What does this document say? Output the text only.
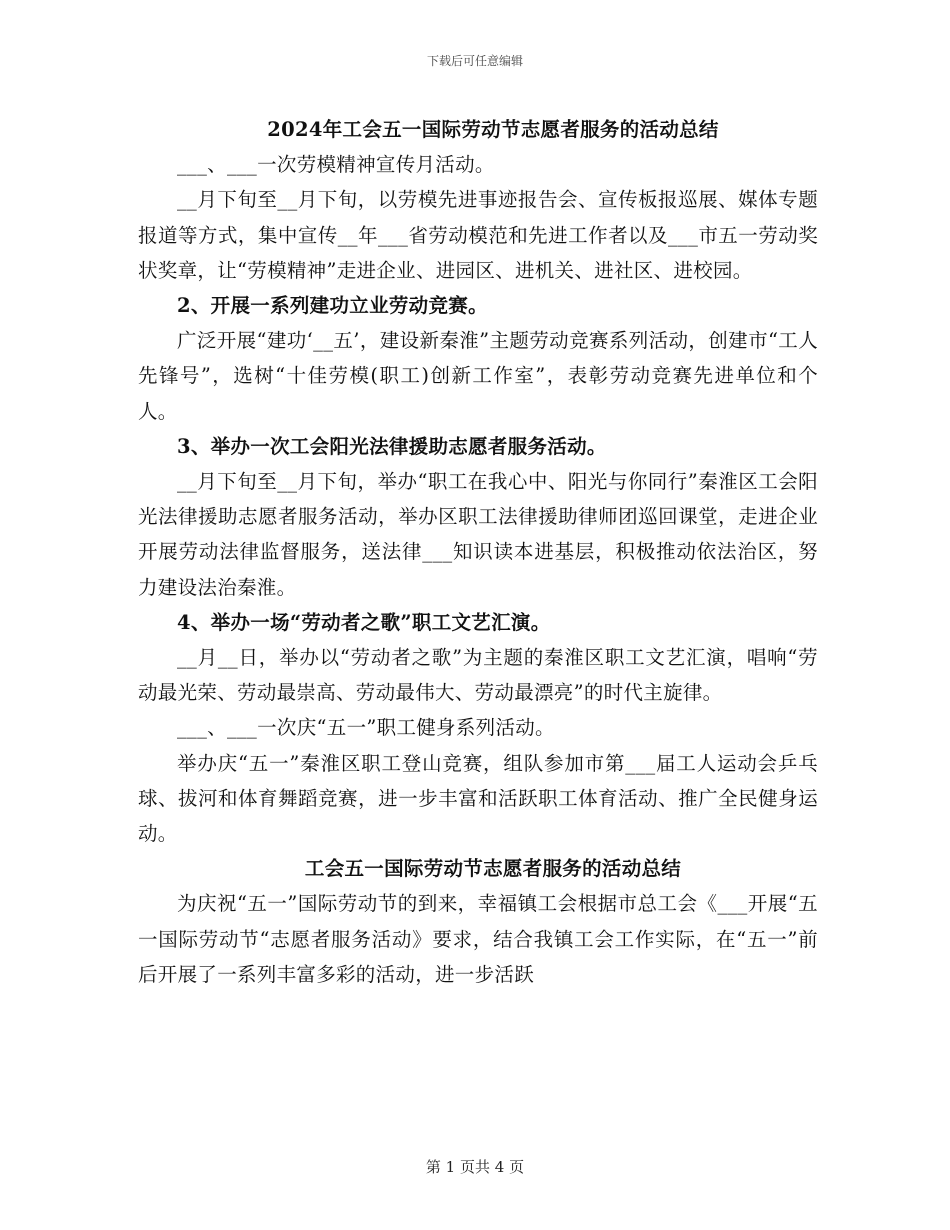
下载后可任意编辑

2024年工会五一国际劳动节志愿者服务的活动总结

___、___一次劳模精神宣传月活动。

__月下旬至__月下旬，以劳模先进事迹报告会、宣传板报巡展、媒体专题报道等方式，集中宣传__年___省劳动模范和先进工作者以及___市五一劳动奖状奖章，让“劳模精神”走进企业、进园区、进机关、进社区、进校园。

2、开展一系列建功立业劳动竞赛。

广泛开展“建功‘__五’，建设新秦淮”主题劳动竞赛系列活动，创建市“工人先锋号”，选树“十佳劳模(职工)创新工作室”，表彰劳动竞赛先进单位和个人。

3、举办一次工会阳光法律援助志愿者服务活动。

__月下旬至__月下旬，举办“职工在我心中、阳光与你同行”秦淮区工会阳光法律援助志愿者服务活动，举办区职工法律援助律师团巡回课堂，走进企业开展劳动法律监督服务，送法律___知识读本进基层，积极推动依法治区，努力建设法治秦淮。

4、举办一场“劳动者之歌”职工文艺汇演。

__月__日，举办以“劳动者之歌”为主题的秦淮区职工文艺汇演，唱响“劳动最光荣、劳动最崇高、劳动最伟大、劳动最漂亮”的时代主旋律。

___、___一次庆“五一”职工健身系列活动。

举办庆“五一”秦淮区职工登山竞赛，组队参加市第___届工人运动会乒乓球、拔河和体育舞蹈竞赛，进一步丰富和活跃职工体育活动、推广全民健身运动。

工会五一国际劳动节志愿者服务的活动总结

为庆祝“五一”国际劳动节的到来，幸福镇工会根据市总工会《___开展“五一国际劳动节“志愿者服务活动》要求，结合我镇工会工作实际，在“五一”前后开展了一系列丰富多彩的活动，进一步活跃

第 1 页共 4 页
